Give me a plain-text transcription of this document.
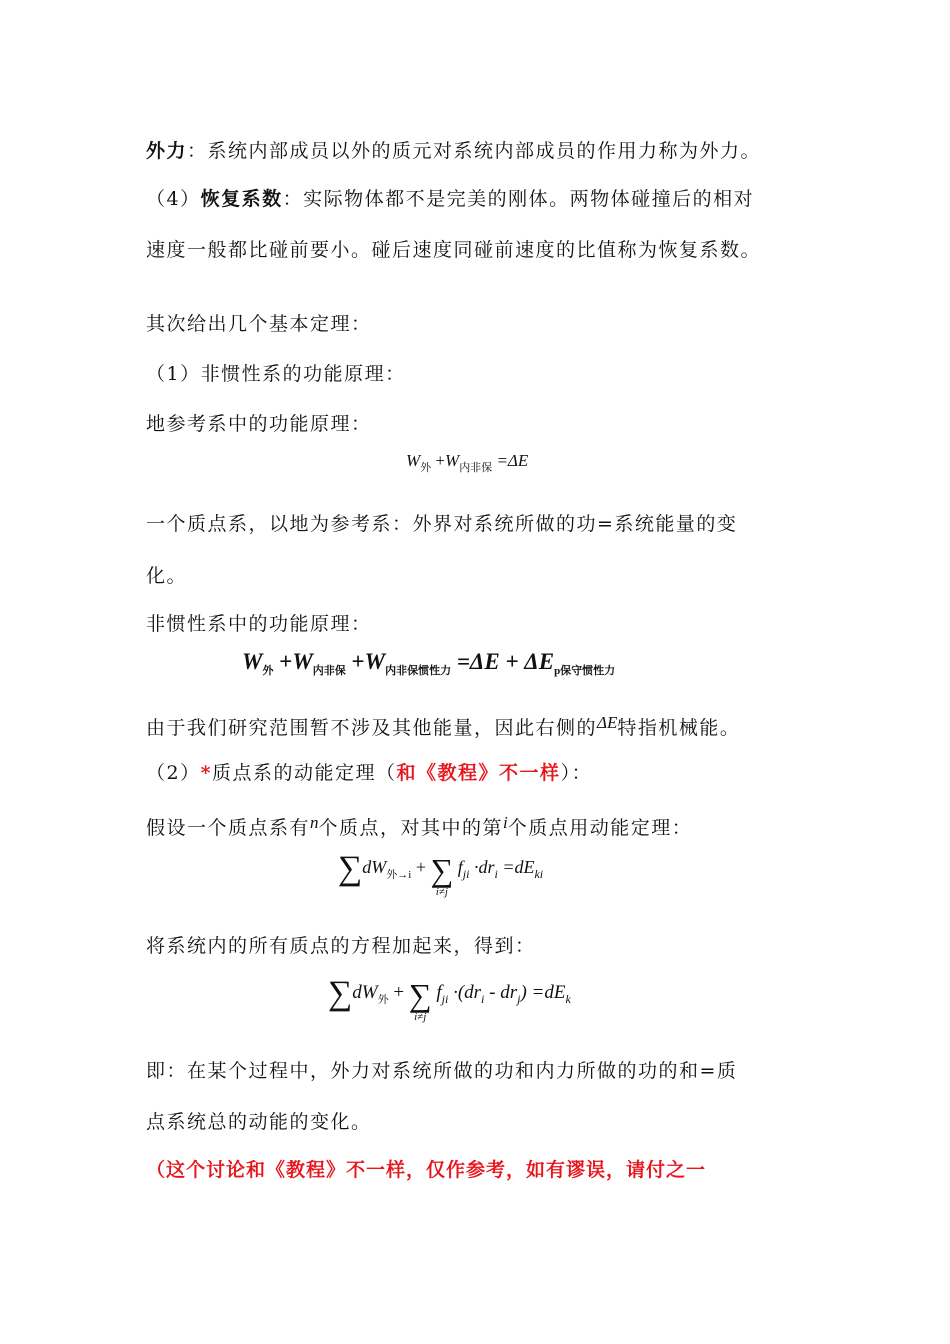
外力：系统内部成员以外的质元对系统内部成员的作用力称为外力。
（4）恢复系数：实际物体都不是完美的刚体。两物体碰撞后的相对
速度一般都比碰前要小。碰后速度同碰前速度的比值称为恢复系数。
其次给出几个基本定理：
（1）非惯性系的功能原理：
地参考系中的功能原理：
$W_外 +W_{内非保} =\Delta E$
一个质点系，以地为参考系：外界对系统所做的功=系统能量的变
化。
非惯性系中的功能原理：
$W_外 +W_{内非保} +W_{内非保惯性力} =\Delta E + \Delta E_{p保守惯性力}$
由于我们研究范围暂不涉及其他能量，因此右侧的ΔE特指机械能。
（2）*质点系的动能定理（和《教程》不一样）：
假设一个质点系有n个质点，对其中的第i个质点用动能定理：
$\sum dW_{外\to i}$ + ∑
i≠j
$f_{ji} \cdot dr_i =dE_{ki}$
将系统内的所有质点的方程加起来，得到：
$\sum dW_外$ + ∑
i≠j
$f_{ji} \cdot(dr_i - dr_j) =dE_k$
即：在某个过程中，外力对系统所做的功和内力所做的功的和=质
点系统总的动能的变化。
（这个讨论和《教程》不一样，仅作参考，如有谬误，请付之一
